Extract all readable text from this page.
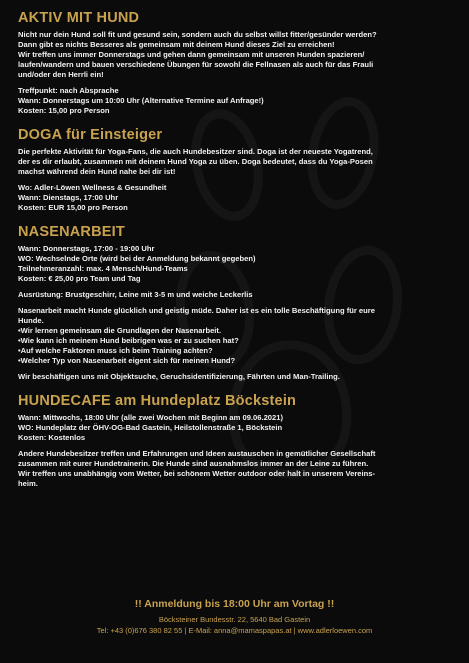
AKTIV MIT HUND

Nicht nur dein Hund soll fit und gesund sein, sondern auch du selbst willst fitter/gesünder werden?

Dann gibt es nichts Besseres als gemeinsam mit deinem Hund dieses Ziel zu erreichen!

Wir treffen uns immer Donnerstags und gehen dann gemeinsam mit unseren Hunden spazieren/

laufen/wandern und bauen verschiedene Übungen für sowohl die Fellnasen als auch für das Frauli

und/oder den Herrli ein!

Treffpunkt: nach Absprache

Wann: Donnerstags um 10:00 Uhr (Alternative Termine auf Anfrage!)

Kosten: 15,00 pro Person

DOGA für Einsteiger

Die perfekte Aktivität für Yoga-Fans, die auch Hundebesitzer sind. Doga ist der neueste Yogatrend,

der es dir erlaubt, zusammen mit deinem Hund Yoga zu üben. Doga bedeutet, dass du Yoga-Posen

machst während dein Hund nahe bei dir ist!

Wo: Adler-Löwen Wellness & Gesundheit

Wann: Dienstags, 17:00 Uhr

Kosten: EUR 15,00 pro Person

NASENARBEIT

Wann: Donnerstags, 17:00 - 19:00 Uhr

WO: Wechselnde Orte (wird bei der Anmeldung bekannt gegeben)

Teilnehmeranzahl: max. 4 Mensch/Hund-Teams

Kosten: € 25,00 pro Team und Tag

Ausrüstung: Brustgeschirr, Leine mit 3-5 m und weiche Leckerlis

Nasenarbeit macht Hunde glücklich und geistig müde. Daher ist es ein tolle Beschäftigung für eure

Hunde.

• Wir lernen gemeinsam die Grundlagen der Nasenarbeit.
• Wie kann ich meinem Hund beibrigen was er zu suchen hat?
• Auf welche Faktoren muss ich beim Training achten?
• Welcher Typ von Nasenarbeit eigent sich für meinen Hund?

Wir beschäftigen uns mit Objektsuche, Geruchsidentifizierung, Fährten und Man-Trailing.

HUNDECAFE am Hundeplatz Böckstein

Wann: Mittwochs, 18:00 Uhr (alle zwei Wochen mit Beginn am 09.06.2021)

WO: Hundeplatz der ÖHV-OG-Bad Gastein, Heilstollenstraße 1, Böckstein

Kosten: Kostenlos

Andere Hundebesitzer treffen und Erfahrungen und Ideen austauschen in gemütlicher Gesellschaft

zusammen mit eurer Hundetrainerin. Die Hunde sind ausnahmslos immer an der Leine zu führen.

Wir treffen uns unabhängig vom Wetter, bei schönem Wetter outdoor oder halt in unserem Vereins-

heim.

!! Anmeldung bis 18:00 Uhr am Vortag !!
Böcksteiner Bundesstr. 22, 5640 Bad Gastein
Tel: +43 (0)676 380 82 55 | E-Mail: anna@mamaspapas.at | www.adlerloewen.com
